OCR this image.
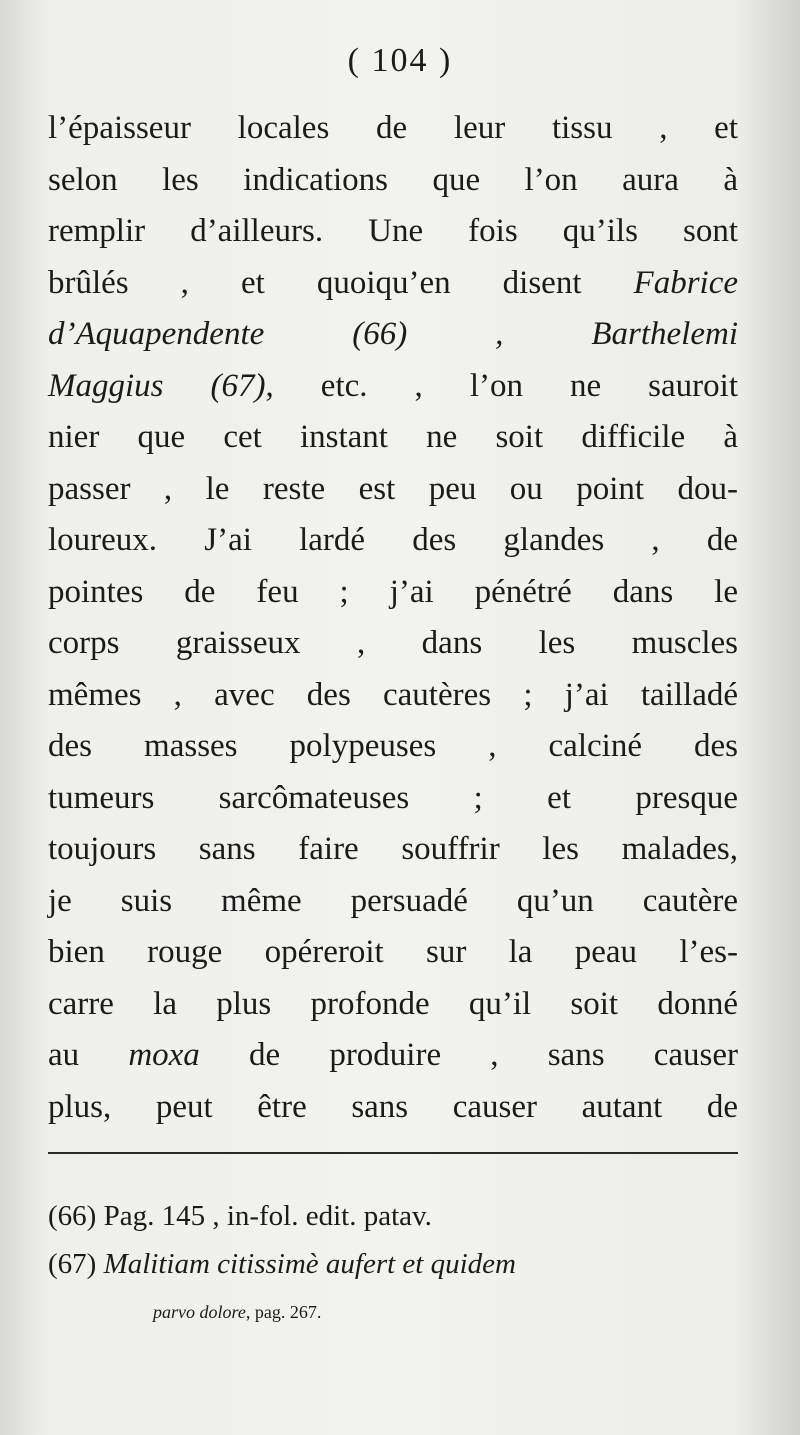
( 104 )
l’épaisseur locales de leur tissu , et
selon les indications que l’on aura à
remplir d’ailleurs. Une fois qu’ils sont
brûlés , et quoiqu’en disent Fabrice
d’Aquapendente (66) , Barthelemi
Maggius (67), etc. , l’on ne sauroit
nier que cet instant ne soit difficile à
passer , le reste est peu ou point dou-
loureux. J’ai lardé des glandes , de
pointes de feu ; j’ai pénétré dans le
corps graisseux , dans les muscles
mêmes , avec des cautères ; j’ai tailladé
des masses polypeuses , calciné des
tumeurs sarcômateuses ; et presque
toujours sans faire souffrir les malades,
je suis même persuadé qu’un cautère
bien rouge opéreroit sur la peau l’es-
carre la plus profonde qu’il soit donné
au moxa de produire , sans causer
plus, peut être sans causer autant de
(66) Pag. 145 , in-fol. edit. patav.
(67) Malitiam citissimè aufert et quidem
parvo dolore, pag. 267.
